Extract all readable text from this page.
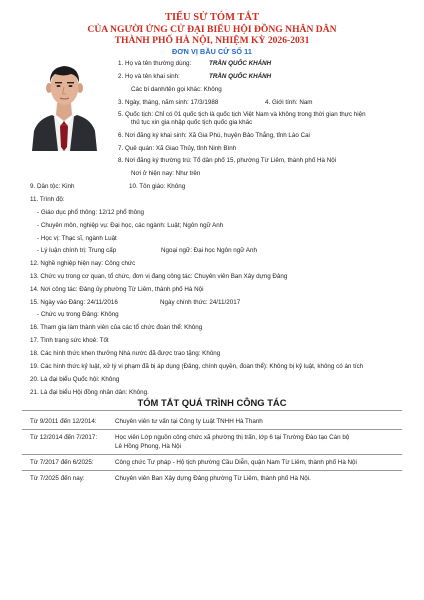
TIỂU SỬ TÓM TẮT
CỦA NGƯỜI ỨNG CỬ ĐẠI BIỂU HỘI ĐỒNG NHÂN DÂN
THÀNH PHỐ HÀ NỘI, NHIỆM KỲ 2026-2031
ĐƠN VỊ BẦU CỬ SỐ 11
1. Họ và tên thường dùng:	TRẦN QUỐC KHÁNH
2. Họ và tên khai sinh:	TRẦN QUỐC KHÁNH
Các bí danh/tên gọi khác: Không
3. Ngày, tháng, năm sinh: 17/3/1988	4. Giới tính: Nam
5. Quốc tịch: Chỉ có 01 quốc tịch là quốc tịch Việt Nam và không trong thời gian thực hiện
thủ tục xin gia nhập quốc tịch quốc gia khác
6. Nơi đăng ký khai sinh: Xã Gia Phú, huyện Bảo Thắng, tỉnh Lào Cai
7. Quê quán: Xã Giao Thủy, tỉnh Ninh Bình
8. Nơi đăng ký thường trú: Tổ dân phố 15, phường Từ Liêm, thành phố Hà Nội
Nơi ở hiện nay: Như trên
9. Dân tộc: Kinh	10. Tôn giáo: Không
11. Trình độ:
- Giáo dục phổ thông: 12/12 phổ thông
- Chuyên môn, nghiệp vụ: Đại học, các ngành: Luật; Ngôn ngữ Anh
- Học vị: Thạc sĩ, ngành Luật
- Lý luận chính trị: Trung cấp	Ngoại ngữ: Đại học Ngôn ngữ Anh
12. Nghề nghiệp hiện nay: Công chức
13. Chức vụ trong cơ quan, tổ chức, đơn vị đang công tác: Chuyên viên Ban Xây dựng Đảng
14. Nơi công tác: Đảng ủy phường Từ Liêm, thành phố Hà Nội
15. Ngày vào Đảng: 24/11/2016	Ngày chính thức: 24/11/2017
- Chức vụ trong Đảng: Không
16. Tham gia làm thành viên của các tổ chức đoàn thể: Không
17. Tình trạng sức khoẻ: Tốt
18. Các hình thức khen thưởng Nhà nước đã được trao tặng: Không
19. Các hình thức kỷ luật, xử lý vi phạm đã bị áp dụng (Đảng, chính quyền, đoàn thể): Không bị kỷ luật, không có án tích
20. Là đại biểu Quốc hội: Không
21. Là đại biểu Hội đồng nhân dân: Không.
TÓM TẮT QUÁ TRÌNH CÔNG TÁC
Từ 9/2011 đến 12/2014:	Chuyên viên tư vấn tại Công ty Luật TNHH Hà Thanh
Từ 12/2014 đến 7/2017:	Học viên Lớp nguồn công chức xã phường thị trấn, lớp 6 tại Trường Đào tạo Cán bộ
Lê Hồng Phong, Hà Nội
Từ 7/2017 đến 6/2025:	Công chức Tư pháp - Hộ tịch phường Cầu Diễn, quận Nam Từ Liêm, thành phố Hà Nội
Từ 7/2025 đến nay:	Chuyên viên Ban Xây dựng Đảng phường Từ Liêm, thành phố Hà Nội.
